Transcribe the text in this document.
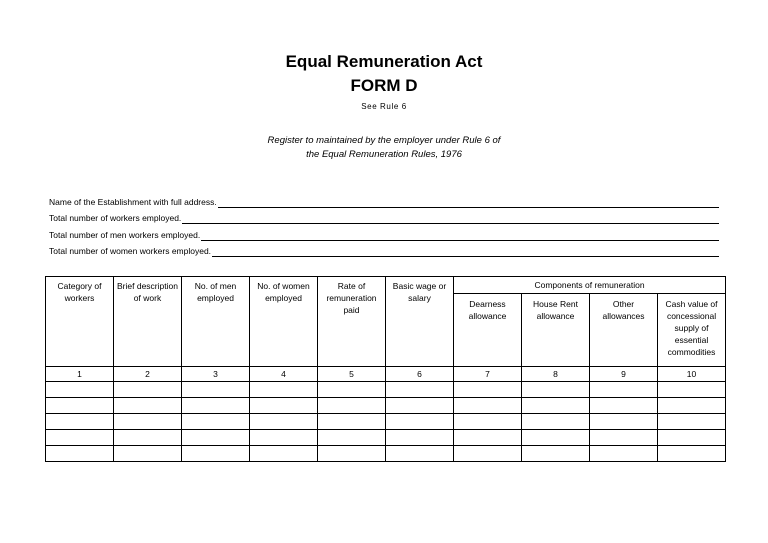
Equal Remuneration Act
FORM D
See Rule 6
Register to maintained by the employer under Rule 6 of
the Equal Remuneration Rules, 1976
Name of the Establishment with full address.
Total number of workers employed.
Total number of men workers employed.
Total number of women workers employed.
Category of workers	Brief description of work	No. of men employed	No. of women employed	Rate of remuneration paid	Basic wage or salary	Components of remuneration			
						Dearness allowance	House Rent allowance	Other allowances	Cash value of concessional supply of essential commodities
1	2	3	4	5	6	7	8	9	10
